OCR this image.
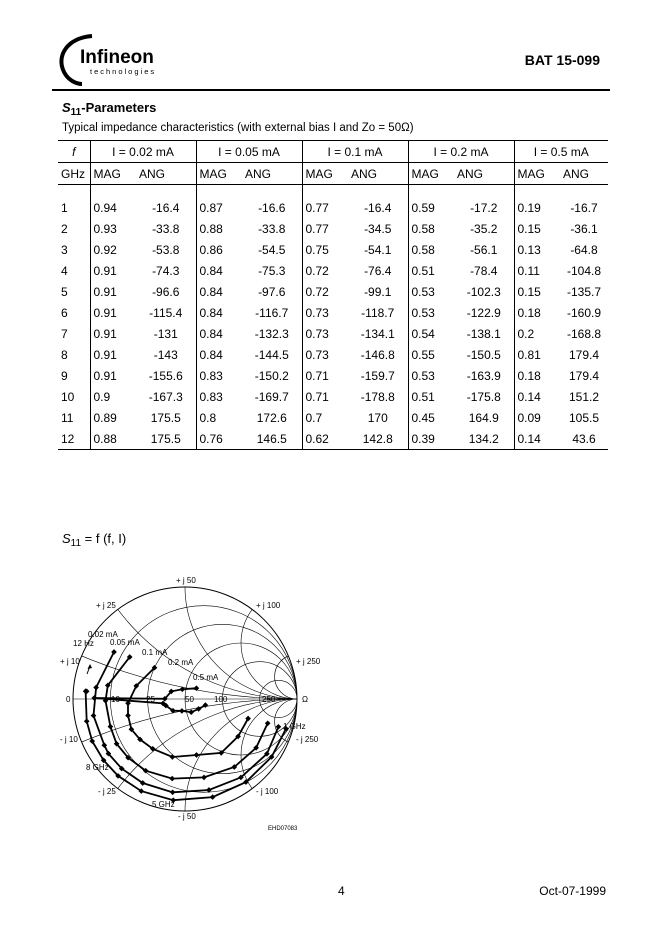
Infineon
technologies
BAT 15-099
$S_{11}$-Parameters
Typical impedance characteristics (with external bias I and Zo = 50Ω)
f	I = 0.02 mA		I = 0.05 mA		I = 0.1 mA		I = 0.2 mA		I = 0.5 mA	
GHz	MAG	ANG	MAG	ANG	MAG	ANG	MAG	ANG	MAG	ANG

1	0.94	-16.4	0.87	-16.6	0.77	-16.4	0.59	-17.2	0.19	-16.7
2	0.93	-33.8	0.88	-33.8	0.77	-34.5	0.58	-35.2	0.15	-36.1
3	0.92	-53.8	0.86	-54.5	0.75	-54.1	0.58	-56.1	0.13	-64.8
4	0.91	-74.3	0.84	-75.3	0.72	-76.4	0.51	-78.4	0.11	-104.8
5	0.91	-96.6	0.84	-97.6	0.72	-99.1	0.53	-102.3	0.15	-135.7
6	0.91	-115.4	0.84	-116.7	0.73	-118.7	0.53	-122.9	0.18	-160.9
7	0.91	-131	0.84	-132.3	0.73	-134.1	0.54	-138.1	0.2	-168.8
8	0.91	-143	0.84	-144.5	0.73	-146.8	0.55	-150.5	0.81	179.4
9	0.91	-155.6	0.83	-150.2	0.71	-159.7	0.53	-163.9	0.18	179.4
10	0.9	-167.3	0.83	-169.7	0.71	-178.8	0.51	-175.8	0.14	151.2
11	0.89	175.5	0.8	172.6	0.7	170	0.45	164.9	0.09	105.5
12	0.88	175.5	0.76	146.5	0.62	142.8	0.39	134.2	0.14	43.6
$S_{11} = f$ (f, I)
+ j 50
+ j 25	+ j 100
+ j 10	+ j 250
- j 10
- j 25
- j 50
- j 100
- j 250
0	10	25	50	100	250	Ω
12 Hz
1 GHz
8 GHz
5 GHz
0.02 mA
0.05 mA
0.1 mA
0.2 mA
0.5 mA
EHD07083
4	Oct-07-1999
